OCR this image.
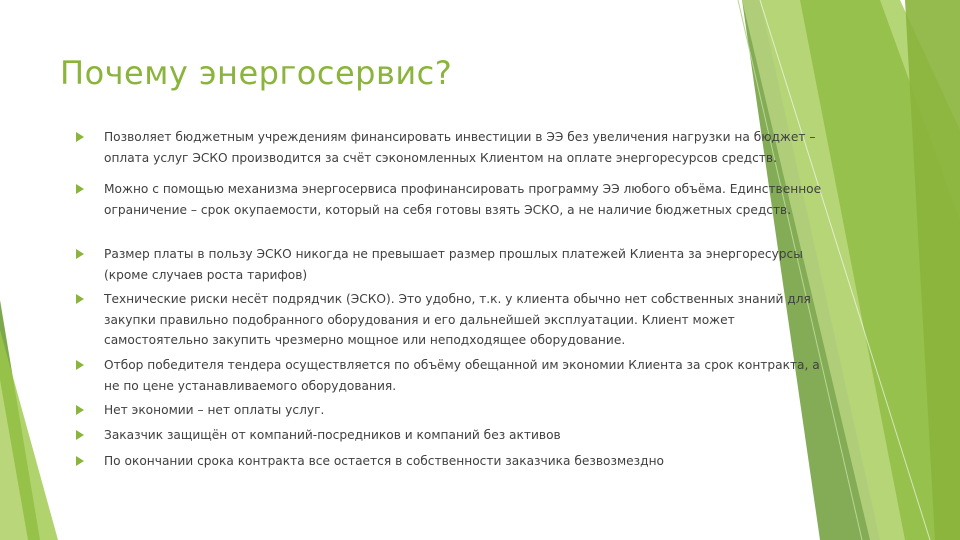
Почему энергосервис?
Позволяет бюджетным учреждениям финансировать инвестиции в ЭЭ без увеличения нагрузки на бюджет – оплата услуг ЭСКО производится за счёт сэкономленных Клиентом на оплате энергоресурсов средств.
Можно с помощью механизма энергосервиса профинансировать программу ЭЭ любого объёма. Единственное ограничение – срок окупаемости, который на себя готовы взять ЭСКО, а не наличие бюджетных средств.
Размер платы в пользу ЭСКО никогда не превышает размер прошлых платежей Клиента за энергоресурсы (кроме случаев роста тарифов)
Технические риски несёт подрядчик (ЭСКО). Это удобно, т.к. у клиента обычно нет собственных знаний для закупки правильно подобранного оборудования и его дальнейшей эксплуатации. Клиент может самостоятельно закупить чрезмерно мощное или неподходящее оборудование.
Отбор победителя тендера осуществляется по объёму обещанной им экономии Клиента за срок контракта, а не по цене устанавливаемого оборудования.
Нет экономии – нет оплаты услуг.
Заказчик защищён от компаний-посредников и компаний без активов
По окончании срока контракта все остается в собственности заказчика безвозмездно
